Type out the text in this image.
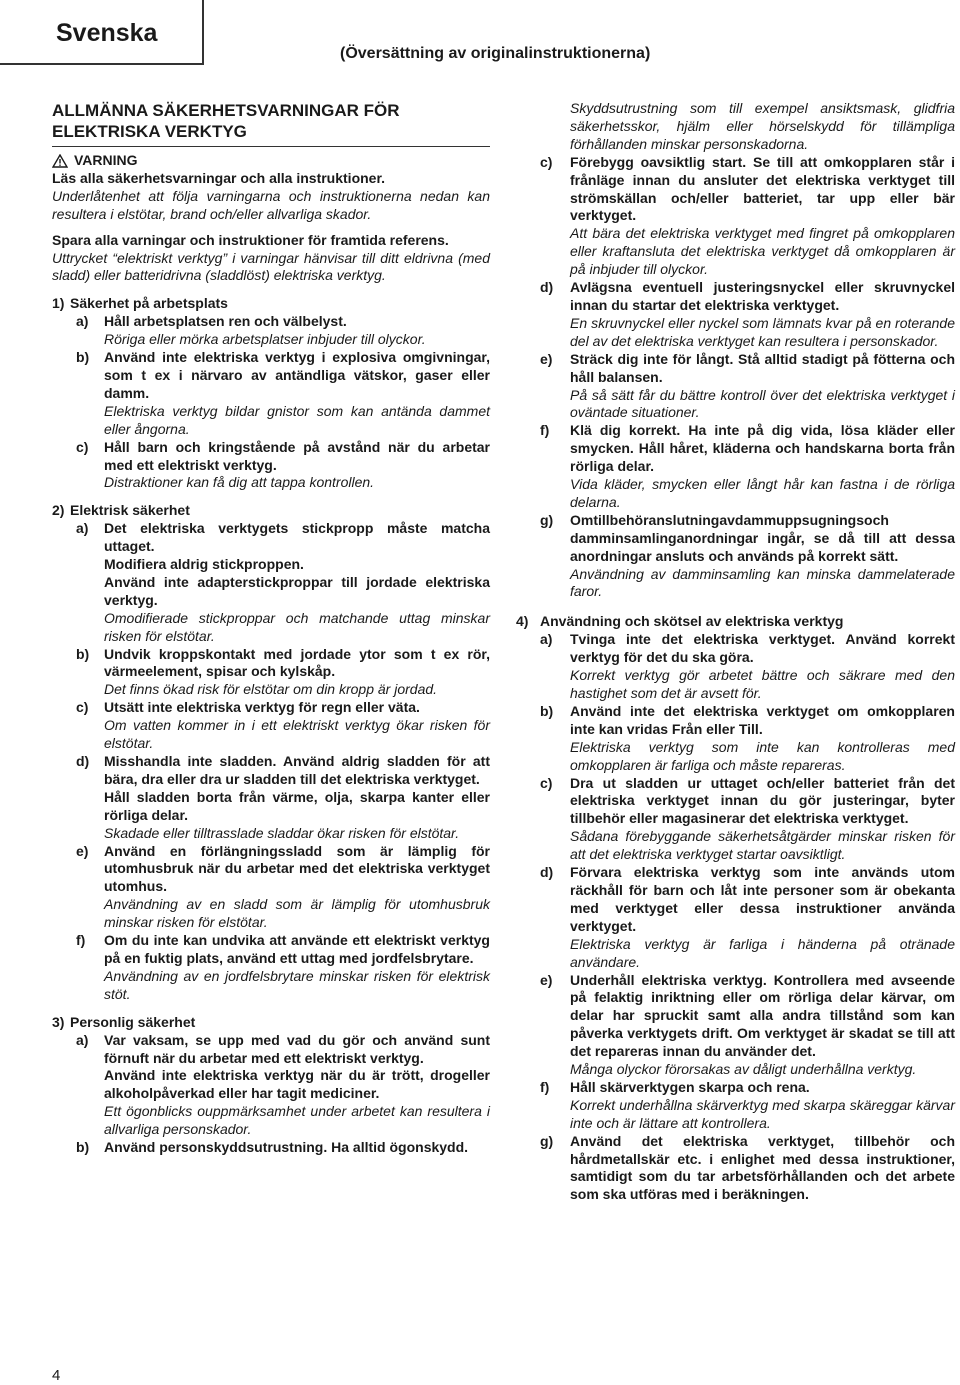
Svenska
(Översättning av originalinstruktionerna)
ALLMÄNNA SÄKERHETSVARNINGAR FÖR ELEKTRISKA VERKTYG
VARNING

Läs alla säkerhetsvarningar och alla instruktioner.

Underlåtenhet att följa varningarna och instruktionerna nedan kan resultera i elstötar, brand och/eller allvarliga skador.

Spara alla varningar och instruktioner för framtida referens.

Uttrycket “elektriskt verktyg” i varningar hänvisar till ditt eldrivna (med sladd) eller batteridrivna (sladdlöst) elektriska verktyg.

1) Säkerhet på arbetsplats
a)	Håll arbetsplatsen ren och välbelyst.

Röriga eller mörka arbetsplatser inbjuder till olyckor.

b)	Använd inte elektriska verktyg i explosiva omgivningar, som t ex i närvaro av antändliga vätskor, gaser eller damm.

Elektriska verktyg bildar gnistor som kan antända dammet eller ångorna.

c)	Håll barn och kringstående på avstånd när du arbetar med ett elektriskt verktyg.

Distraktioner kan få dig att tappa kontrollen.

2) Elektrisk säkerhet
a)	Det elektriska verktygets stickpropp måste matcha uttaget.

Modifiera aldrig stickproppen.

Använd inte adapterstickproppar till jordade elektriska verktyg.

Omodifierade stickproppar och matchande uttag minskar risken för elstötar.

b)	Undvik kroppskontakt med jordade ytor som t ex rör, värmeelement, spisar och kylskåp.

Det finns ökad risk för elstötar om din kropp är jordad.

c)	Utsätt inte elektriska verktyg för regn eller väta.

Om vatten kommer in i ett elektriskt verktyg ökar risken för elstötar.

d)	Misshandla inte sladden. Använd aldrig sladden för att bära, dra eller dra ur sladden till det elektriska verktyget.

Håll sladden borta från värme, olja, skarpa kanter eller rörliga delar.

Skadade eller tilltrasslade sladdar ökar risken för elstötar.

e)	Använd en förlängningssladd som är lämplig för utomhusbruk när du arbetar med det elektriska verktyget utomhus.

Användning av en sladd som är lämplig för utomhusbruk minskar risken för elstötar.

f)	Om du inte kan undvika att använde ett elektriskt verktyg på en fuktig plats, använd ett uttag med jordfelsbrytare.

Användning av en jordfelsbrytare minskar risken för elektrisk stöt.

3) Personlig säkerhet
a)	Var vaksam, se upp med vad du gör och använd sunt förnuft när du arbetar med ett elektriskt verktyg.

Använd inte elektriska verktyg när du är trött, drogeller alkoholpåverkad eller har tagit mediciner.

Ett ögonblicks ouppmärksamhet under arbetet kan resultera i allvarliga personskador.

b)	Använd personskyddsutrustning. Ha alltid ögonskydd.

Skyddsutrustning som till exempel ansiktsmask, glidfria säkerhetsskor, hjälm eller hörselskydd för tillämpliga förhållanden minskar personskadorna.

c)	Förebygg oavsiktlig start. Se till att omkopplaren står i frånläge innan du ansluter det elektriska verktyget till strömskällan och/eller batteriet, tar upp eller bär verktyget.

Att bära det elektriska verktyget med fingret på omkopplaren eller kraftansluta det elektriska verktyget då omkopplaren är på inbjuder till olyckor.

d)	Avlägsna eventuell justeringsnyckel eller skruvnyckel innan du startar det elektriska verktyget.

En skruvnyckel eller nyckel som lämnats kvar på en roterande del av det elektriska verktyget kan resultera i personskador.

e)	Sträck dig inte för långt. Stå alltid stadigt på fötterna och håll balansen.

På så sätt får du bättre kontroll över det elektriska verktyget i oväntade situationer.

f)	Klä dig korrekt. Ha inte på dig vida, lösa kläder eller smycken. Håll håret, kläderna och handskarna borta från rörliga delar.

Vida kläder, smycken eller långt hår kan fastna i de rörliga delarna.

g)	Omtillbehöranslutningavdammuppsugningsoch damminsamlinganordningar ingår, se då till att dessa anordningar ansluts och används på korrekt sätt.

Användning av damminsamling kan minska dammelaterade faror.

4) Användning och skötsel av elektriska verktyg
a)	Tvinga inte det elektriska verktyget. Använd korrekt verktyg för det du ska göra.

Korrekt verktyg gör arbetet bättre och säkrare med den hastighet som det är avsett för.

b)	Använd inte det elektriska verktyget om omkopplaren inte kan vridas Från eller Till.

Elektriska verktyg som inte kan kontrolleras med omkopplaren är farliga och måste repareras.

c)	Dra ut sladden ur uttaget och/eller batteriet från det elektriska verktyget innan du gör justeringar, byter tillbehör eller magasinerar det elektriska verktyget.

Sådana förebyggande säkerhetsåtgärder minskar risken för att det elektriska verktyget startar oavsiktligt.

d)	Förvara elektriska verktyg som inte används utom räckhåll för barn och låt inte personer som är obekanta med verktyget eller dessa instruktioner använda verktyget.

Elektriska verktyg är farliga i händerna på otränade användare.

e)	Underhåll elektriska verktyg. Kontrollera med avseende på felaktig inriktning eller om rörliga delar kärvar, om delar har spruckit samt alla andra tillstånd som kan påverka verktygets drift. Om verktyget är skadat se till att det repareras innan du använder det.

Många olyckor förorsakas av dåligt underhållna verktyg.

f)	Håll skärverktygen skarpa och rena.

Korrekt underhållna skärverktyg med skarpa skäreggar kärvar inte och är lättare att kontrollera.

g)	Använd det elektriska verktyget, tillbehör och hårdmetallskär etc. i enlighet med dessa instruktioner, samtidigt som du tar arbetsförhållanden och det arbete som ska utföras med i beräkningen.

4
